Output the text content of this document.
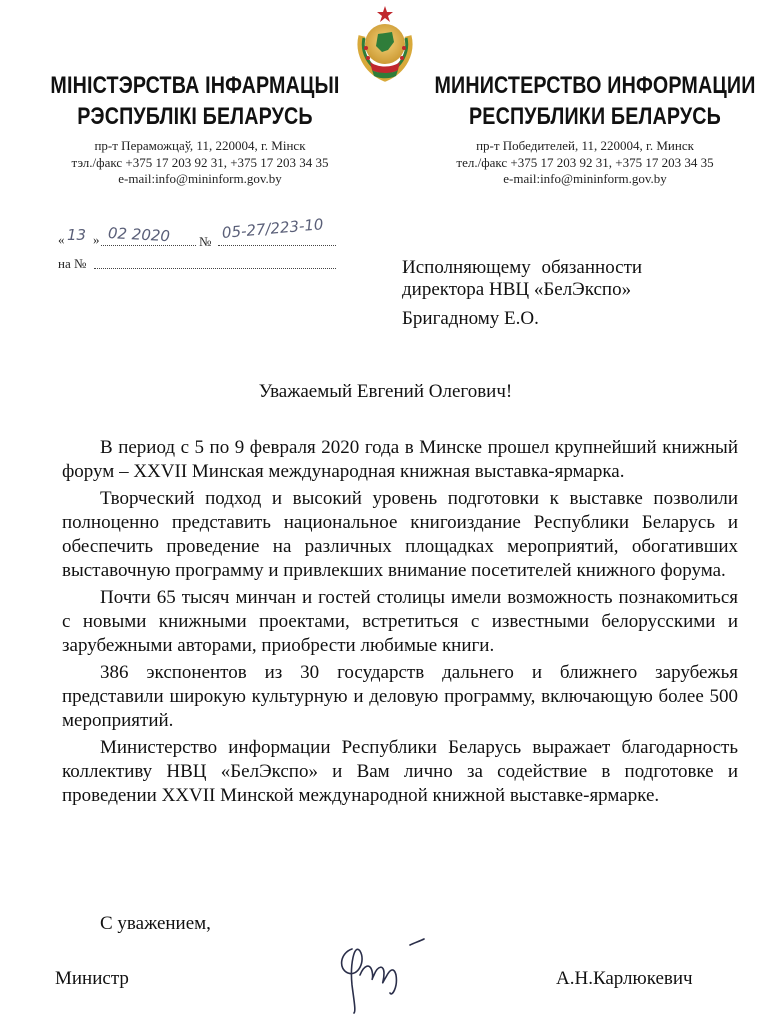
МІНІСТЭРСТВА ІНФАРМАЦЫІ
РЭСПУБЛІКІ БЕЛАРУСЬ
пр-т Пераможцаў, 11, 220004, г. Мінск
тэл./факс +375 17 203 92 31, +375 17 203 34 35
e-mail:info@mininform.gov.by
МИНИСТЕРСТВО ИНФОРМАЦИИ
РЕСПУБЛИКИ БЕЛАРУСЬ
пр-т Победителей, 11, 220004, г. Минск
тел./факс +375 17 203 92 31, +375 17 203 34 35
e-mail:info@mininform.gov.by
« 13 » 02 2020 № 05-27/223-10
на №	Исполняющему обязанности
директора НВЦ «БелЭкспо»
Бригадному Е.О.
Уважаемый Евгений Олегович!

В период с 5 по 9 февраля 2020 года в Минске прошел крупнейший книжный форум – XXVII Минская международная книжная выставка-ярмарка.

Творческий подход и высокий уровень подготовки к выставке позволили полноценно представить национальное книгоиздание Республики Беларусь и обеспечить проведение на различных площадках мероприятий, обогативших выставочную программу и привлекших внимание посетителей книжного форума.

Почти 65 тысяч минчан и гостей столицы имели возможность познакомиться с новыми книжными проектами, встретиться с известными белорусскими и зарубежными авторами, приобрести любимые книги.

386 экспонентов из 30 государств дальнего и ближнего зарубежья представили широкую культурную и деловую программу, включающую более 500 мероприятий.

Министерство информации Республики Беларусь выражает благодарность коллективу НВЦ «БелЭкспо» и Вам лично за содействие в подготовке и проведении XXVII Минской международной книжной выставке-ярмарке.

С уважением,
Министр	А.Н.Карлюкевич
